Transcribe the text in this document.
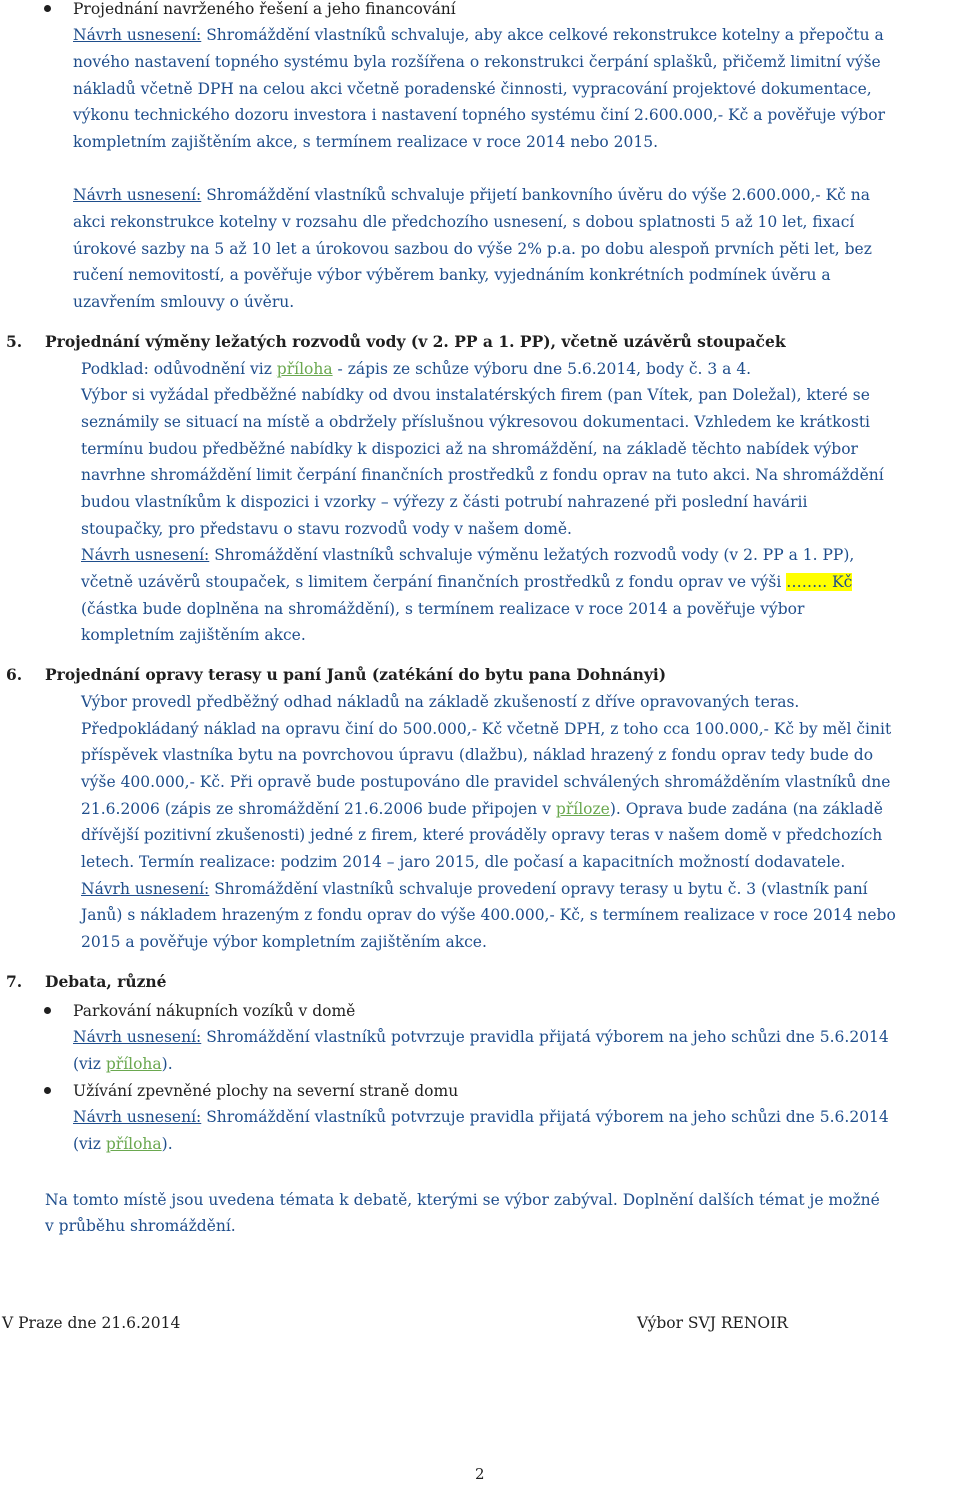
Projednání navrženého řešení a jeho financování
Návrh usnesení: Shromáždění vlastníků schvaluje, aby akce celkové rekonstrukce kotelny a přepočtu a
nového nastavení topného systému byla rozšířena o rekonstrukci čerpání splašků, přičemž limitní výše
nákladů včetně DPH na celou akci včetně poradenské činnosti, vypracování projektové dokumentace,
výkonu technického dozoru investora i nastavení topného systému činí 2.600.000,- Kč a pověřuje výbor
kompletním zajištěním akce, s termínem realizace v roce 2014 nebo 2015.
Návrh usnesení: Shromáždění vlastníků schvaluje přijetí bankovního úvěru do výše 2.600.000,- Kč na
akci rekonstrukce kotelny v rozsahu dle předchozího usnesení, s dobou splatnosti 5 až 10 let, fixací
úrokové sazby na 5 až 10 let a úrokovou sazbou do výše 2% p.a. po dobu alespoň prvních pěti let, bez
ručení nemovitostí, a pověřuje výbor výběrem banky, vyjednáním konkrétních podmínek úvěru a
uzavřením smlouvy o úvěru.
5. Projednání výměny ležatých rozvodů vody (v 2. PP a 1. PP), včetně uzávěrů stoupaček
Podklad: odůvodnění viz příloha - zápis ze schůze výboru dne 5.6.2014, body č. 3 a 4.
Výbor si vyžádal předběžné nabídky od dvou instalatérských firem (pan Vítek, pan Doležal), které se
seznámily se situací na místě a obdržely příslušnou výkresovou dokumentaci. Vzhledem ke krátkosti
termínu budou předběžné nabídky k dispozici až na shromáždění, na základě těchto nabídek výbor
navrhne shromáždění limit čerpání finančních prostředků z fondu oprav na tuto akci. Na shromáždění
budou vlastníkům k dispozici i vzorky – výřezy z části potrubí nahrazené při poslední havárii
stoupačky, pro představu o stavu rozvodů vody v našem domě.
Návrh usnesení: Shromáždění vlastníků schvaluje výměnu ležatých rozvodů vody (v 2. PP a 1. PP),
včetně uzávěrů stoupaček, s limitem čerpání finančních prostředků z fondu oprav ve výši …….. Kč
(částka bude doplněna na shromáždění), s termínem realizace v roce 2014 a pověřuje výbor
kompletním zajištěním akce.
6. Projednání opravy terasy u paní Janů (zatékání do bytu pana Dohnányi)
Výbor provedl předběžný odhad nákladů na základě zkušeností z dříve opravovaných teras.
Předpokládaný náklad na opravu činí do 500.000,- Kč včetně DPH, z toho cca 100.000,- Kč by měl činit
příspěvek vlastníka bytu na povrchovou úpravu (dlažbu), náklad hrazený z fondu oprav tedy bude do
výše 400.000,- Kč. Při opravě bude postupováno dle pravidel schválených shromážděním vlastníků dne
21.6.2006 (zápis ze shromáždění 21.6.2006 bude připojen v příloze). Oprava bude zadána (na základě
dřívější pozitivní zkušenosti) jedné z firem, které prováděly opravy teras v našem domě v předchozích
letech. Termín realizace: podzim 2014 – jaro 2015, dle počasí a kapacitních možností dodavatele.
Návrh usnesení: Shromáždění vlastníků schvaluje provedení opravy terasy u bytu č. 3 (vlastník paní
Janů) s nákladem hrazeným z fondu oprav do výše 400.000,- Kč, s termínem realizace v roce 2014 nebo
2015 a pověřuje výbor kompletním zajištěním akce.
7. Debata, různé
Parkování nákupních vozíků v domě
Návrh usnesení: Shromáždění vlastníků potvrzuje pravidla přijatá výborem na jeho schůzi dne 5.6.2014
(viz příloha).
Užívání zpevněné plochy na severní straně domu
Návrh usnesení: Shromáždění vlastníků potvrzuje pravidla přijatá výborem na jeho schůzi dne 5.6.2014
(viz příloha).
Na tomto místě jsou uvedena témata k debatě, kterými se výbor zabýval. Doplnění dalších témat je možné
v průběhu shromáždění.
V Praze dne 21.6.2014	Výbor SVJ RENOIR
2
